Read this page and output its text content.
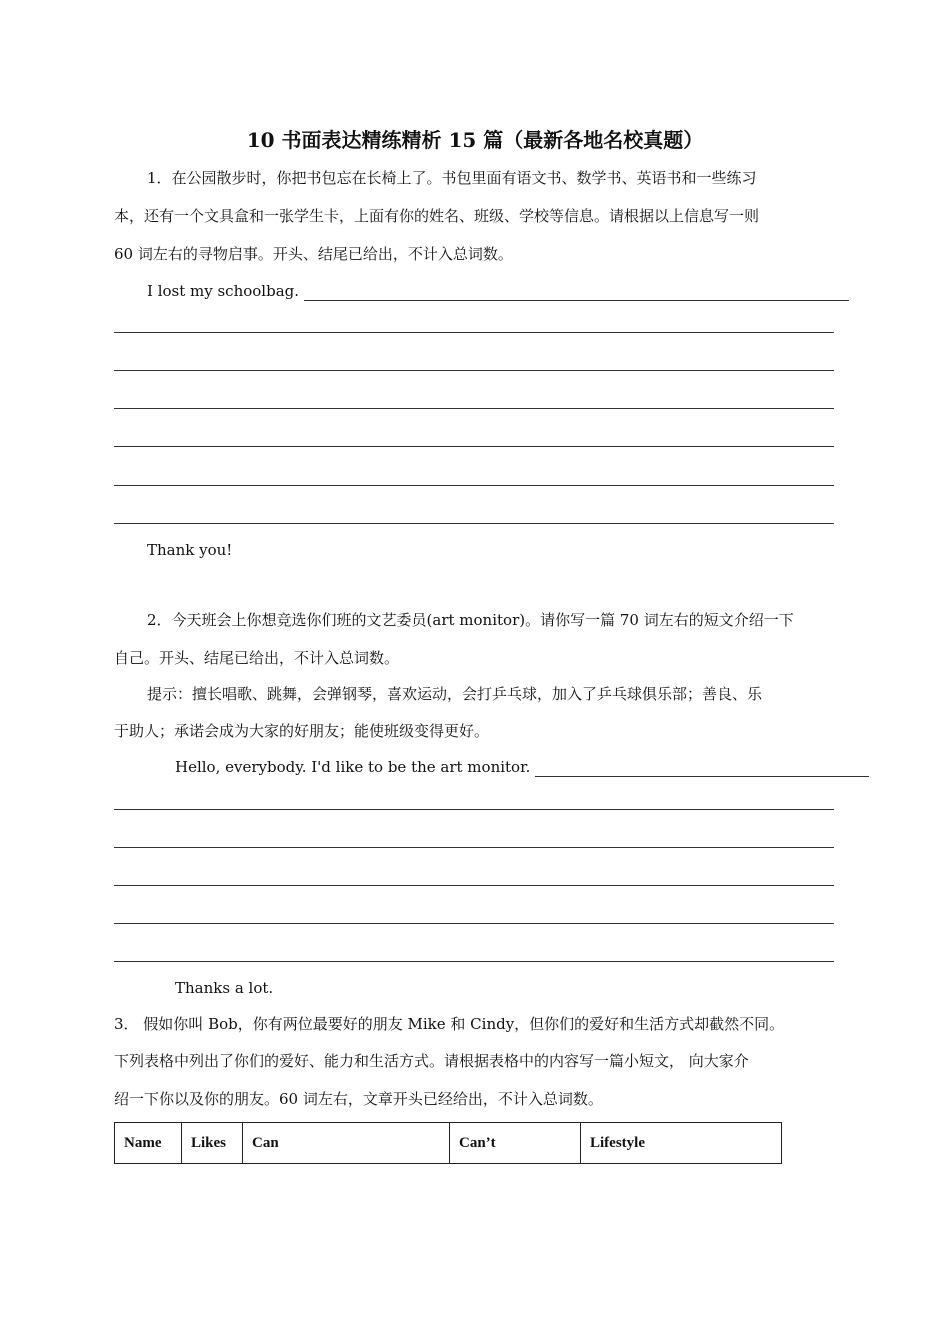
10 书面表达精练精析 15 篇（最新各地名校真题）
1．在公园散步时，你把书包忘在长椅上了。书包里面有语文书、数学书、英语书和一些练习
本，还有一个文具盒和一张学生卡，上面有你的姓名、班级、学校等信息。请根据以上信息写一则
60 词左右的寻物启事。开头、结尾已给出，不计入总词数。
I lost my schoolbag.
Thank you!
2．今天班会上你想竞选你们班的文艺委员(art monitor)。请你写一篇 70 词左右的短文介绍一下
自己。开头、结尾已给出，不计入总词数。
提示：擅长唱歌、跳舞，会弹钢琴，喜欢运动，会打乒乓球，加入了乒乓球俱乐部；善良、乐
于助人；承诺会成为大家的好朋友；能使班级变得更好。
Hello, everybody. I'd like to be the art monitor.
Thanks a lot.
3． 假如你叫 Bob，你有两位最要好的朋友 Mike 和 Cindy，但你们的爱好和生活方式却截然不同。
下列表格中列出了你们的爱好、能力和生活方式。请根据表格中的内容写一篇小短文， 向大家介
绍一下你以及你的朋友。60 词左右，文章开头已经给出，不计入总词数。
Name	Likes	Can	Can’t	Lifestyle
